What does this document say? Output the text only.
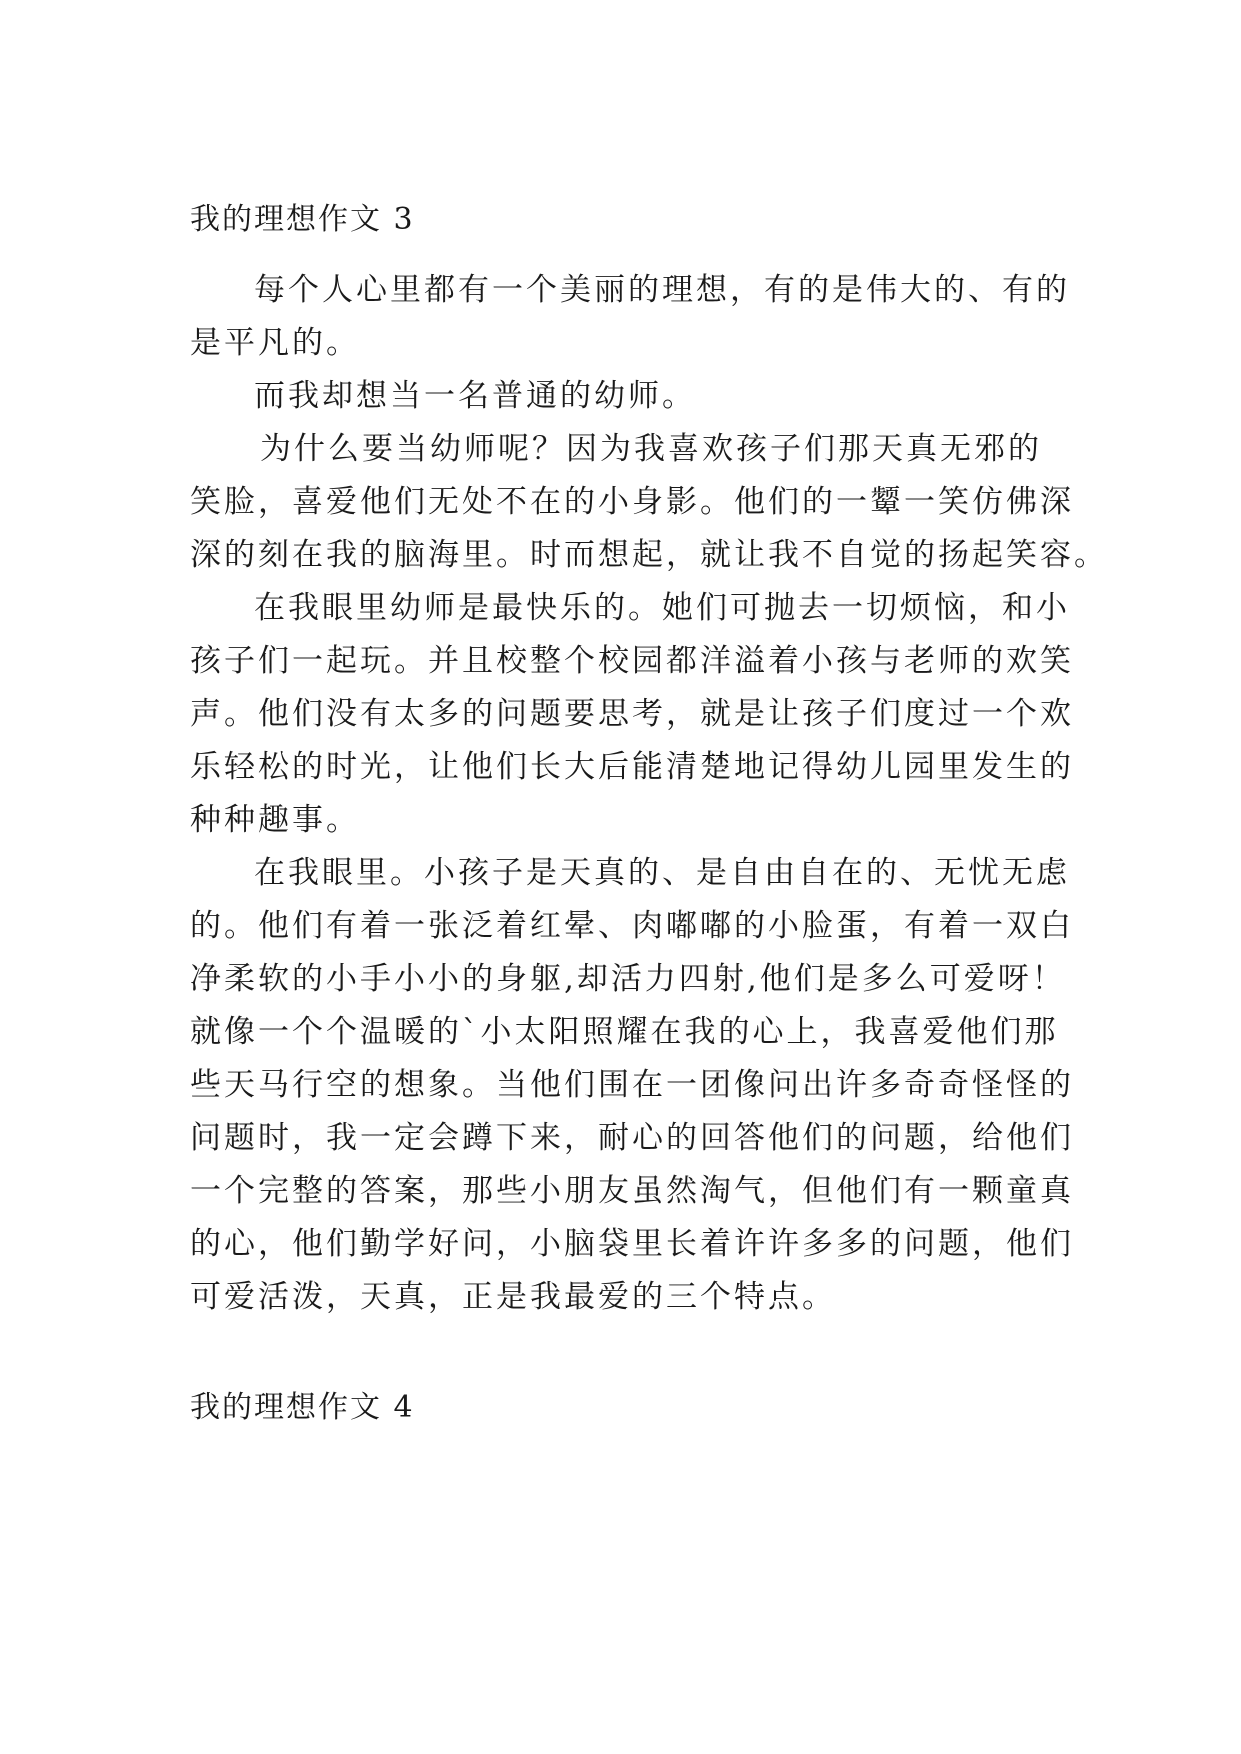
我的理想作文 3
每个人心里都有一个美丽的理想，有的是伟大的、有的
是平凡的。
而我却想当一名普通的幼师。
为什么要当幼师呢？因为我喜欢孩子们那天真无邪的
笑脸，喜爱他们无处不在的小身影。他们的一颦一笑仿佛深
深的刻在我的脑海里。时而想起，就让我不自觉的扬起笑容。
在我眼里幼师是最快乐的。她们可抛去一切烦恼，和小
孩子们一起玩。并且校整个校园都洋溢着小孩与老师的欢笑
声。他们没有太多的问题要思考，就是让孩子们度过一个欢
乐轻松的时光，让他们长大后能清楚地记得幼儿园里发生的
种种趣事。
在我眼里。小孩子是天真的、是自由自在的、无忧无虑
的。他们有着一张泛着红晕、肉嘟嘟的小脸蛋，有着一双白
净柔软的小手小小的身躯,却活力四射,他们是多么可爱呀！
就像一个个温暖的`小太阳照耀在我的心上，我喜爱他们那
些天马行空的想象。当他们围在一团像问出许多奇奇怪怪的
问题时，我一定会蹲下来，耐心的回答他们的问题，给他们
一个完整的答案，那些小朋友虽然淘气，但他们有一颗童真
的心，他们勤学好问，小脑袋里长着许许多多的问题，他们
可爱活泼，天真，正是我最爱的三个特点。
我的理想作文 4
